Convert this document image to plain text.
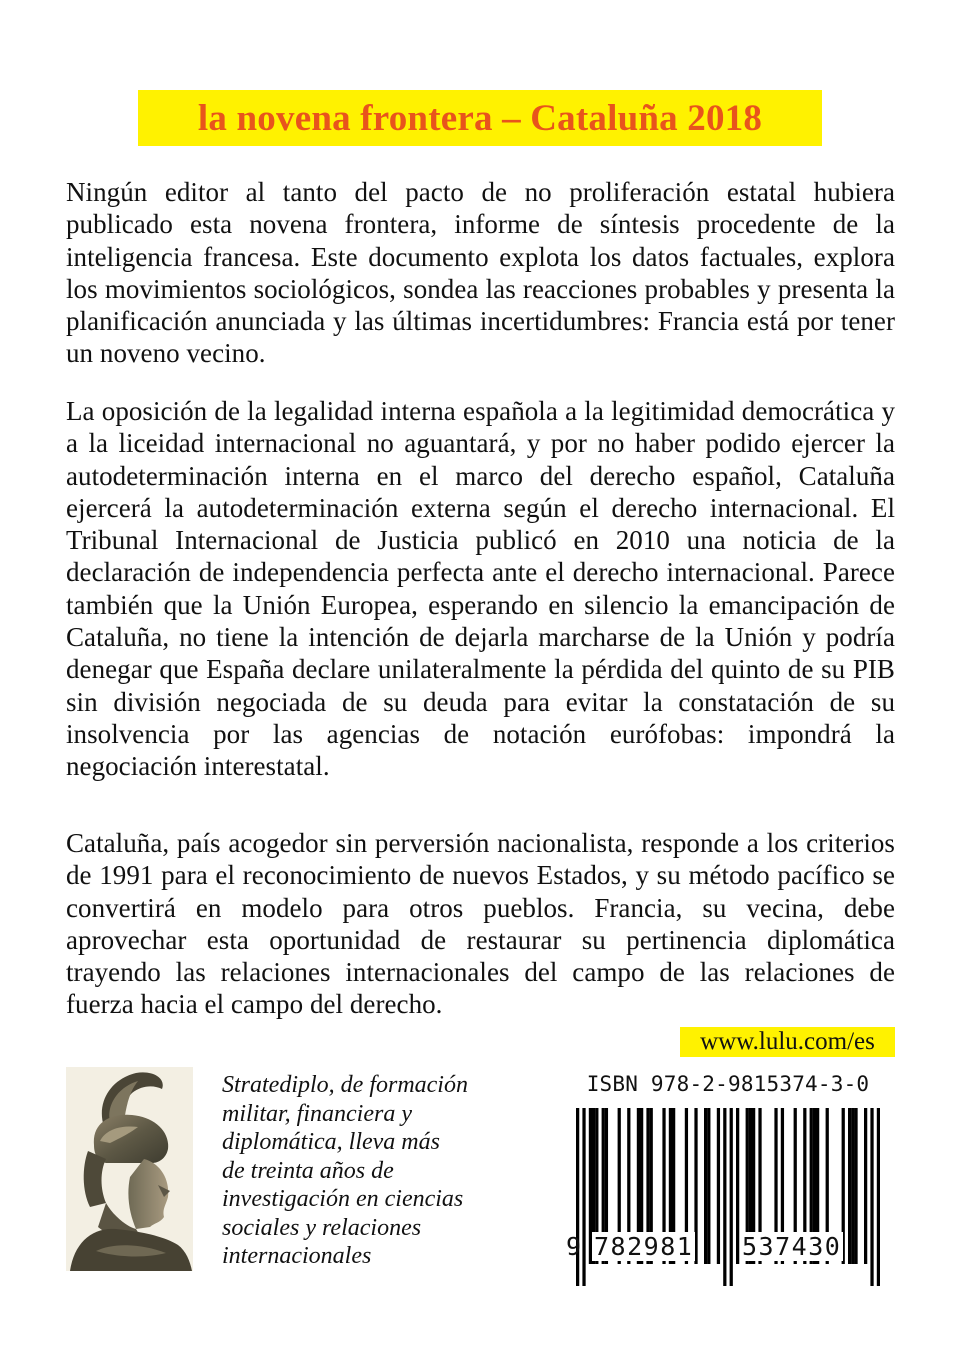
la novena frontera – Cataluña 2018

Ningún editor al tanto del pacto de no proliferación estatal hubiera publicado esta novena frontera, informe de síntesis procedente de la inteligencia francesa. Este documento explota los datos factuales, explora los movimientos sociológicos, sondea las reacciones probables y presenta la planificación anunciada y las últimas incertidumbres: Francia está por tener un noveno vecino.

La oposición de la legalidad interna española a la legitimidad democrática y a la liceidad internacional no aguantará, y por no haber podido ejercer la autodeterminación interna en el marco del derecho español, Cataluña ejercerá la autodeterminación externa según el derecho internacional. El Tribunal Internacional de Justicia publicó en 2010 una noticia de la declaración de independencia perfecta ante el derecho internacional. Parece también que la Unión Europea, esperando en silencio la emancipación de Cataluña, no tiene la intención de dejarla marcharse de la Unión y podría denegar que España declare unilateralmente la pérdida del quinto de su PIB sin división negociada de su deuda para evitar la constatación de su insolvencia por las agencias de notación eurófobas: impondrá la negociación interestatal.

Cataluña, país acogedor sin perversión nacionalista, responde a los criterios de 1991 para el reconocimiento de nuevos Estados, y su método pacífico se convertirá en modelo para otros pueblos. Francia, su vecina, debe aprovechar esta oportunidad de restaurar su pertinencia diplomática trayendo las relaciones internacionales del campo de las relaciones de fuerza hacia el campo del derecho.

www.lulu.com/es

Stratediplo, de formación
militar, financiera y
diplomática, lleva más
de treinta años de
investigación en ciencias
sociales y relaciones
internacionales

ISBN 978-2-9815374-3-0
9 782981 537430
